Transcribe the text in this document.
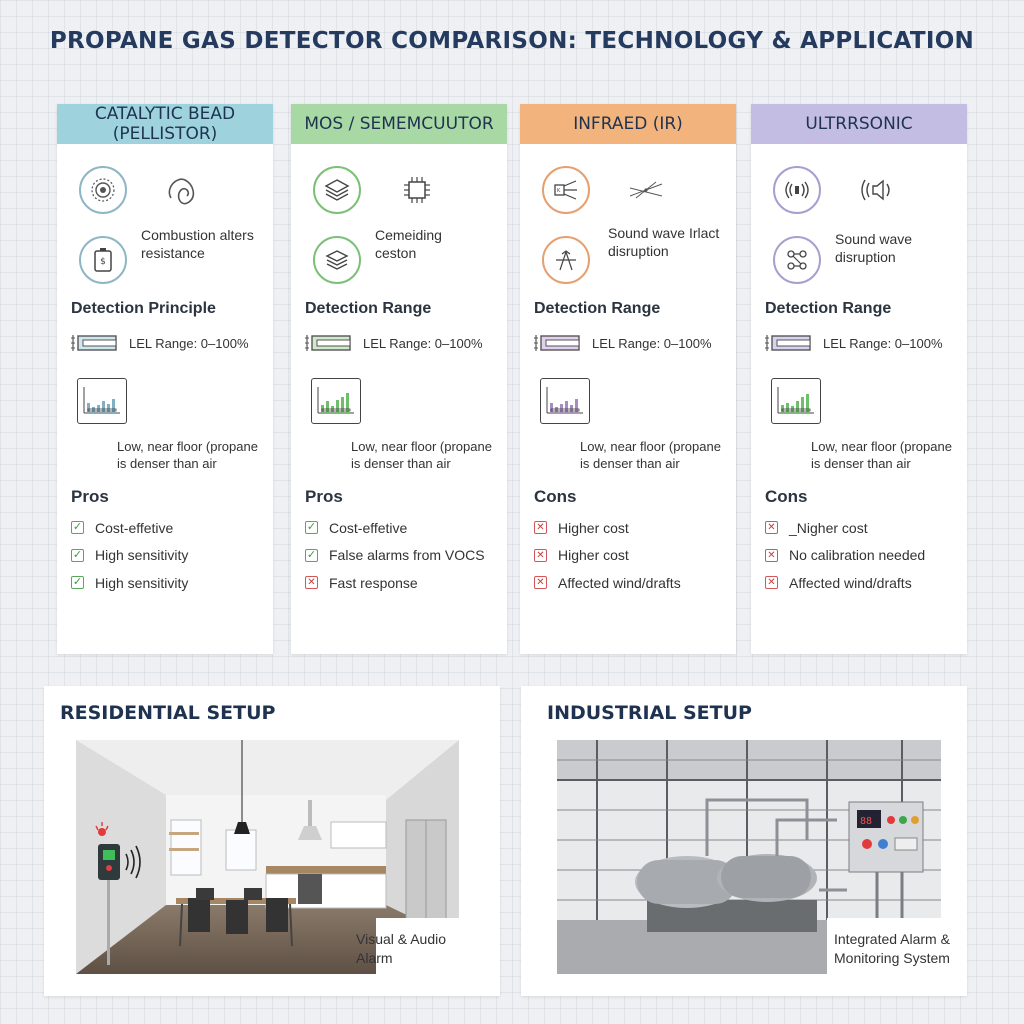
PROPANE GAS DETECTOR COMPARISON: TECHNOLOGY & APPLICATION
CATALYTIC BEAD (PELLISTOR)
$
Combustion alters resistance
Detection Principle
LEL Range: 0–100%
Low, near floor (propane is denser than air
Pros
✓ Cost-effetive
✓ High sensitivity
✓ High sensitivity
MOS / SEMEMCUUTOR
Cemeiding ceston
Detection Range
LEL Range: 0–100%
Low, near floor (propane is denser than air
Pros
✓ Cost-effetive
✓ False alarms from VOCS
✕ Fast response
INFRAED (IR)
K
Sound wave Irlact disruption
Detection Range
LEL Range: 0–100%
Low, near floor (propane is denser than air
Cons
✕ Higher cost
✕ Higher cost
✕ Affected wind/drafts
ULTRRSONIC
Sound wave disruption
Detection Range
LEL Range: 0–100%
Low, near floor (propane is denser than air
Cons
✕ _Nigher cost
✕ No calibration needed
✕ Affected wind/drafts
RESIDENTIAL SETUP
Visual & Audio Alarm
INDUSTRIAL SETUP
88
Integrated Alarm & Monitoring System
